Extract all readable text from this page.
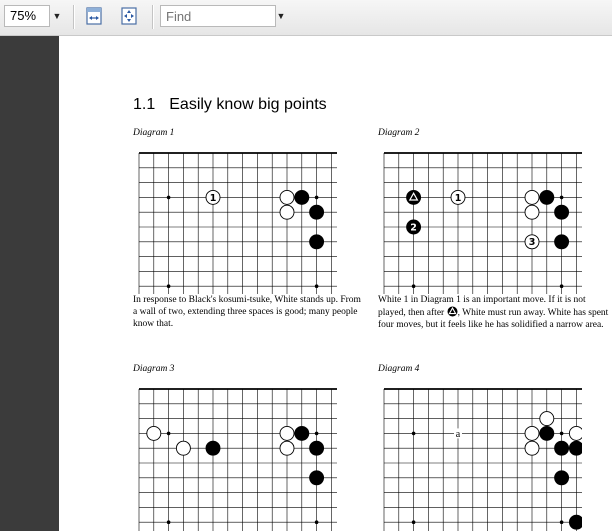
75%	▼
Find	▼
1.1 Easily know big points
Diagram 1
1
In response to Black's kosumi-tsuke, White stands up. From a wall of two, extending three spaces is good; many people know that.
Diagram 2
1
2
3
White 1 in Diagram 1 is an important move. If it is not played, then after , White must run away. White has spent four moves, but it feels like he has solidified a narrow area.
Diagram 3	Diagram 4
a
